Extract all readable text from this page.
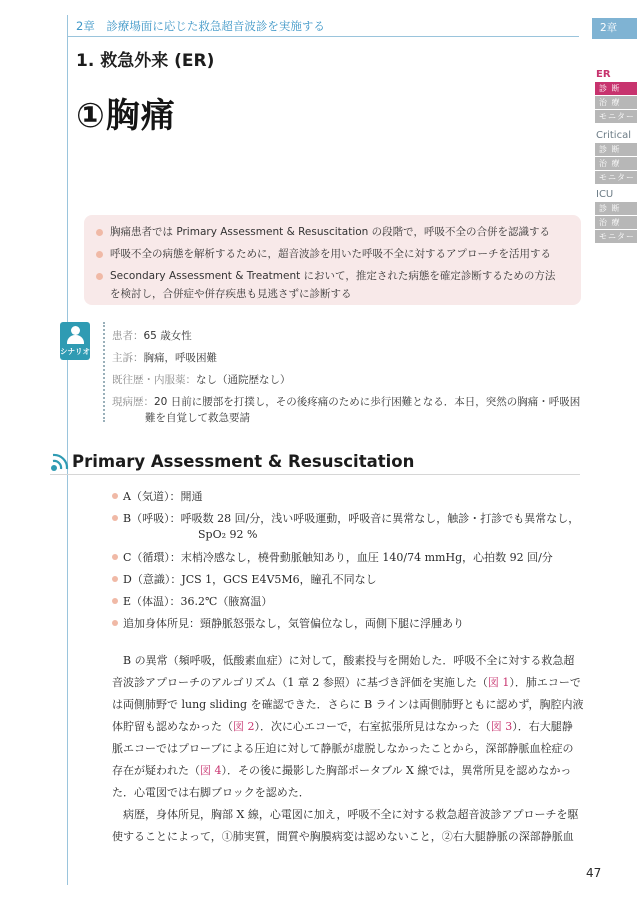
2章　診療場面に応じた救急超音波診を実施する
1. 救急外来 (ER)
①胸痛
2章
ER
診 断
治 療
モニター
Critical
診 断
治 療
モニター
ICU
診 断
治 療
モニター
胸痛患者では Primary Assessment & Resuscitation の段階で，呼吸不全の合併を認識する
呼吸不全の病態を解析するために，超音波診を用いた呼吸不全に対するアプローチを活用する
Secondary Assessment & Treatment において，推定された病態を確定診断するための方法
を検討し，合併症や併存疾患も見逃さずに診断する
シナリオ
患者：65 歳女性
主訴：胸痛，呼吸困難
既往歴・内服薬：なし（通院歴なし）
現病歴：20 日前に腰部を打撲し，その後疼痛のために歩行困難となる．本日，突然の胸痛・呼吸困
難を自覚して救急要請
Primary Assessment & Resuscitation
A（気道）：開通
B（呼吸）：呼吸数 28 回/分，浅い呼吸運動，呼吸音に異常なし，触診・打診でも異常なし，
SpO₂ 92 %
C（循環）：末梢冷感なし，橈骨動脈触知あり，血圧 140/74 mmHg，心拍数 92 回/分
D（意識）：JCS 1，GCS E4V5M6，瞳孔不同なし
E（体温）：36.2℃（腋窩温）
追加身体所見：頸静脈怒張なし，気管偏位なし，両側下腿に浮腫あり
B の異常（頻呼吸，低酸素血症）に対して，酸素投与を開始した．呼吸不全に対する救急超
音波診アプローチのアルゴリズム（1 章 2 参照）に基づき評価を実施した（図 1）．肺エコーで
は両側肺野で lung sliding を確認できた．さらに B ラインは両側肺野ともに認めず，胸腔内液
体貯留も認めなかった（図 2）．次に心エコーで，右室拡張所見はなかった（図 3）．右大腿静
脈エコーではプローブによる圧迫に対して静脈が虚脱しなかったことから，深部静脈血栓症の
存在が疑われた（図 4）．その後に撮影した胸部ポータブル X 線では，異常所見を認めなかっ
た．心電図では右脚ブロックを認めた．
病歴，身体所見，胸部 X 線，心電図に加え，呼吸不全に対する救急超音波診アプローチを駆
使することによって，①肺実質，間質や胸膜病変は認めないこと，②右大腿静脈の深部静脈血
47
